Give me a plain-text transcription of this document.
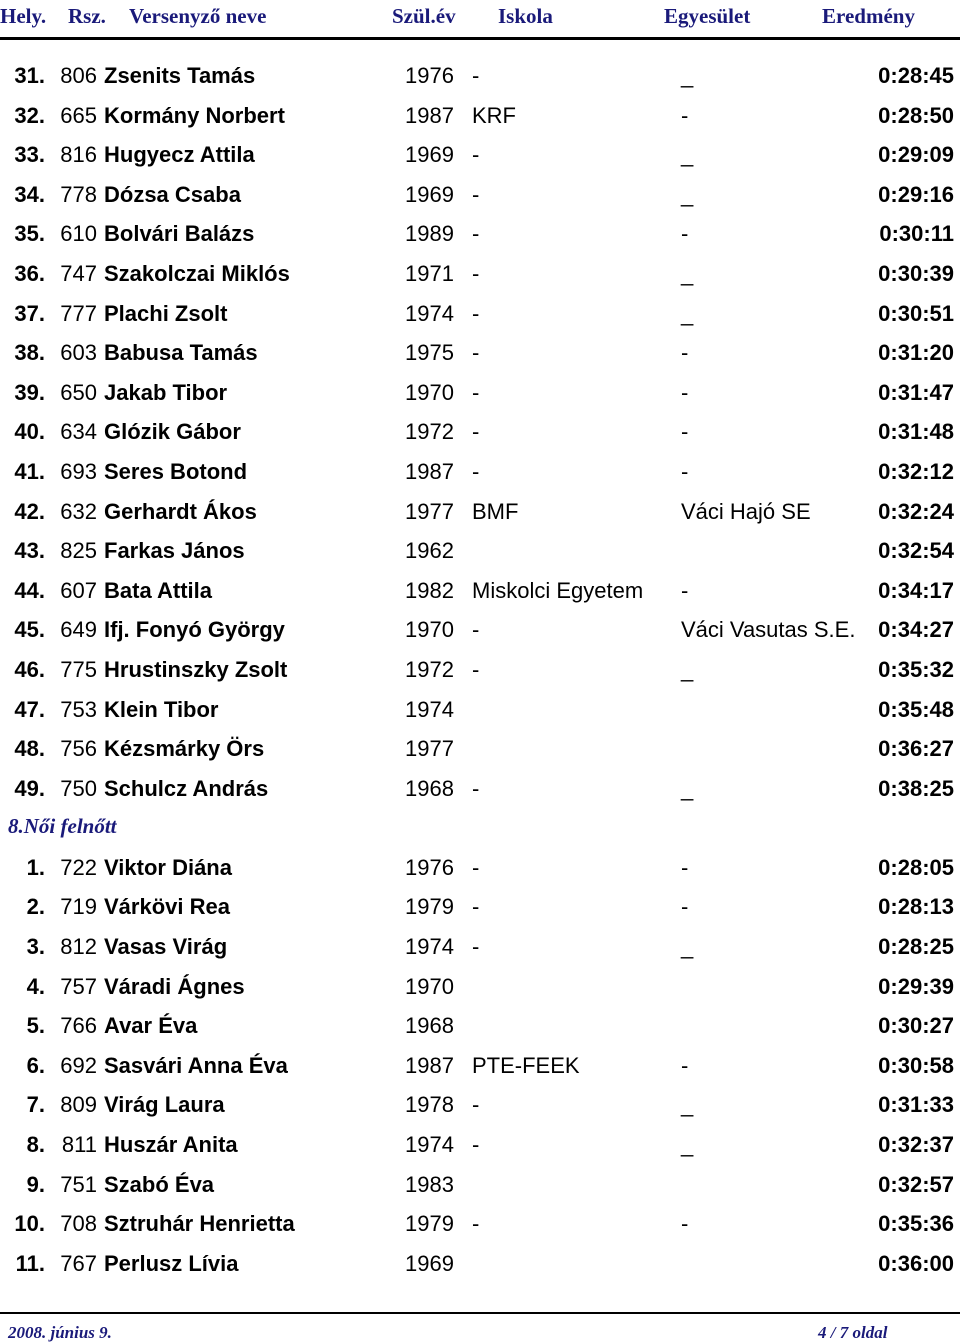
Hely. Rsz. Versenyző neve	Szül.év Iskola	Egyesület	Eredmény
31. 806 Zsenits Tamás	1976 -	_	0:28:45
32. 665 Kormány Norbert	1987 KRF	-	0:28:50
33. 816 Hugyecz Attila	1969 -	_	0:29:09
34. 778 Dózsa Csaba	1969 -	_	0:29:16
35. 610 Bolvári Balázs	1989 -	-	0:30:11
36. 747 Szakolczai Miklós	1971 -	_	0:30:39
37. 777 Plachi Zsolt	1974 -	_	0:30:51
38. 603 Babusa Tamás	1975 -	-	0:31:20
39. 650 Jakab Tibor	1970 -	-	0:31:47
40. 634 Glózik Gábor	1972 -	-	0:31:48
41. 693 Seres Botond	1987 -	-	0:32:12
42. 632 Gerhardt Ákos	1977 BMF	Váci Hajó SE	0:32:24
43. 825 Farkas János	1962	0:32:54
44. 607 Bata Attila	1982 Miskolci Egyetem -	0:34:17
45. 649 Ifj. Fonyó György	1970 -	Váci Vasutas S.E. 0:34:27
46. 775 Hrustinszky Zsolt	1972 -	_	0:35:32
47. 753 Klein Tibor	1974	0:35:48
48. 756 Kézsmárky Örs	1977	0:36:27
49. 750 Schulcz András	1968 -	_	0:38:25
8.Női felnőtt
1. 722 Viktor Diána	1976 -	-	0:28:05
2. 719 Várkövi Rea	1979 -	-	0:28:13
3. 812 Vasas Virág	1974 -	_	0:28:25
4. 757 Váradi Ágnes	1970	0:29:39
5. 766 Avar Éva	1968	0:30:27
6. 692 Sasvári Anna Éva	1987 PTE-FEEK	-	0:30:58
7. 809 Virág Laura	1978 -	_	0:31:33
8. 811 Huszár Anita	1974 -	_	0:32:37
9. 751 Szabó Éva	1983	0:32:57
10. 708 Sztruhár Henrietta	1979 -	-	0:35:36
11. 767 Perlusz Lívia	1969	0:36:00
2008. június 9.	4 / 7 oldal
